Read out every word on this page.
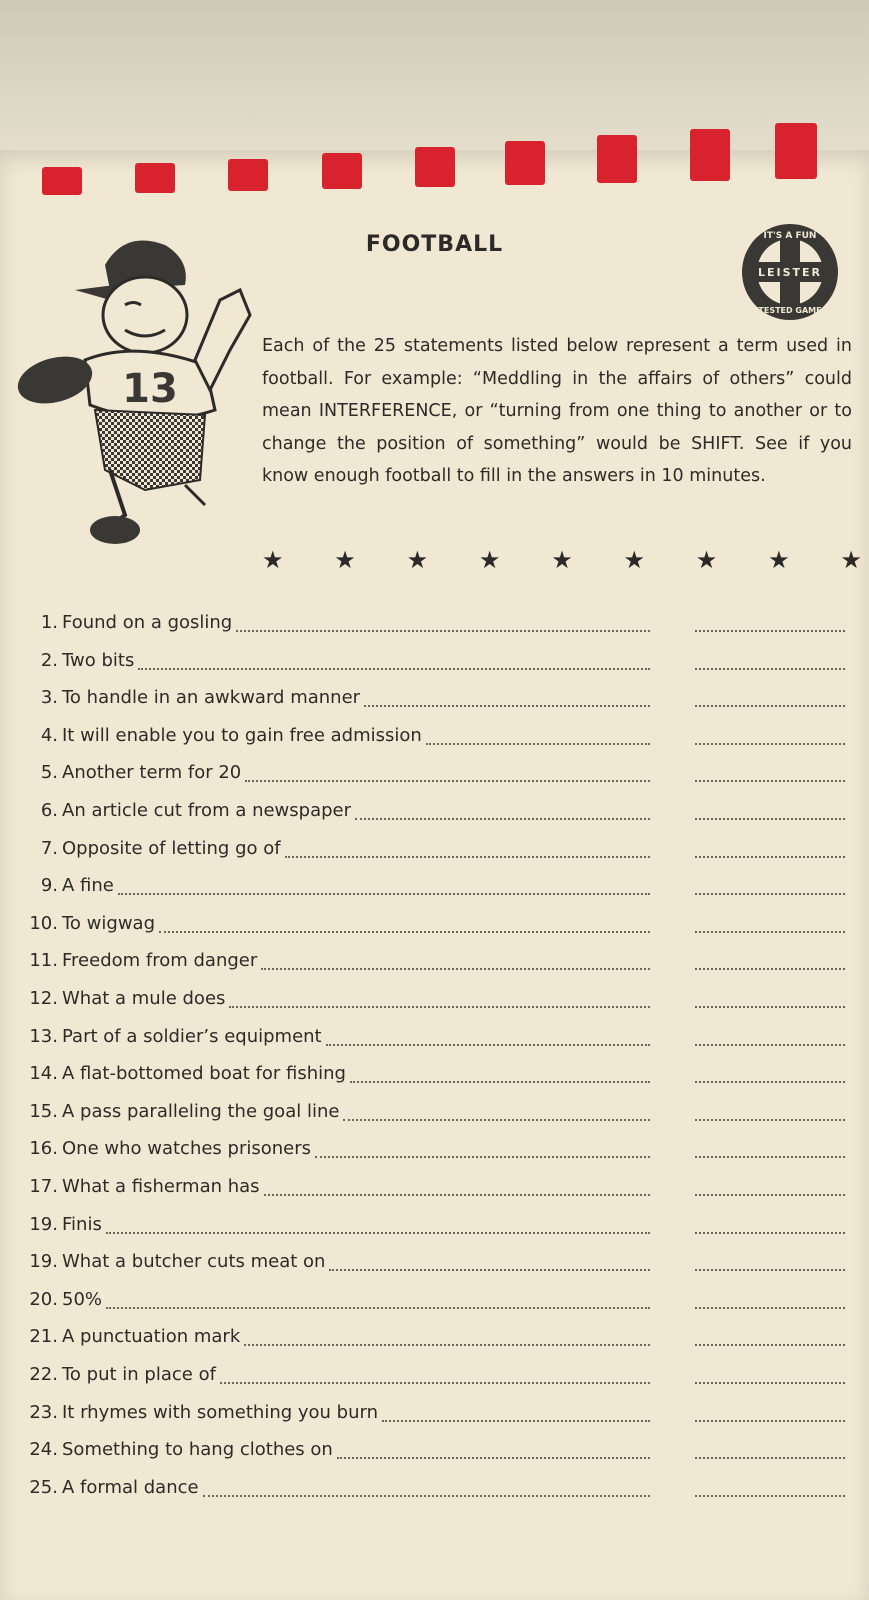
FOOTBALL
LEISTER
IT'S A FUN
TESTED GAME
13
Each of the 25 statements listed below represent a term used in football. For example: “Meddling in the affairs of others” could mean INTERFERENCE, or “turning from one thing to another or to change the position of something” would be SHIFT. See if you know enough football to fill in the answers in 10 minutes.
★ ★ ★ ★ ★ ★ ★ ★ ★
1. Found on a gosling
2. Two bits
3. To handle in an awkward manner
4. It will enable you to gain free admission
5. Another term for 20
6. An article cut from a newspaper
7. Opposite of letting go of
9. A fine
10. To wigwag
11. Freedom from danger
12. What a mule does
13. Part of a soldier’s equipment
14. A flat-bottomed boat for fishing
15. A pass paralleling the goal line
16. One who watches prisoners
17. What a fisherman has
19. Finis
19. What a butcher cuts meat on
20. 50%
21. A punctuation mark
22. To put in place of
23. It rhymes with something you burn
24. Something to hang clothes on
25. A formal dance
